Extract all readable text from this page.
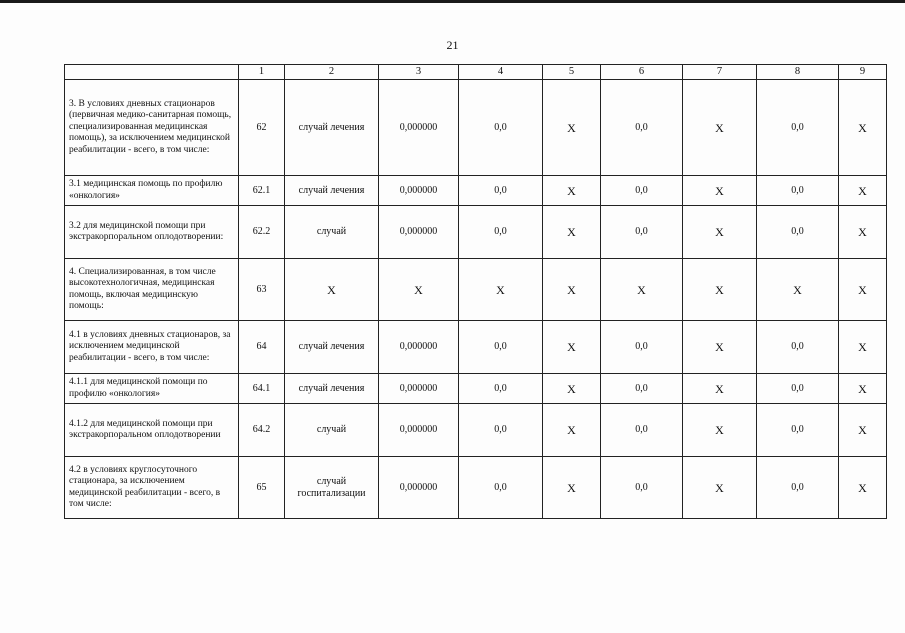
21
	1	2	3	4	5	6	7	8	9
3. В условиях дневных стационаров (первичная медико-санитарная помощь, специализированная медицинская помощь), за исключением медицинской реабилитации - всего, в том числе:	62	случай лечения	0,000000	0,0	X	0,0	X	0,0	X
3.1 медицинская помощь по профилю «онкология»	62.1	случай лечения	0,000000	0,0	X	0,0	X	0,0	X
3.2 для медицинской помощи при экстракорпоральном оплодотворении:	62.2	случай	0,000000	0,0	X	0,0	X	0,0	X
4. Специализированная, в том числе высокотехнологичная, медицинская помощь, включая медицинскую помощь:	63	X	X	X	X	X	X	X	X
4.1 в условиях дневных стационаров, за исключением медицинской реабилитации - всего, в том числе:	64	случай лечения	0,000000	0,0	X	0,0	X	0,0	X
4.1.1 для медицинской помощи по профилю «онкология»	64.1	случай лечения	0,000000	0,0	X	0,0	X	0,0	X
4.1.2 для медицинской помощи при экстракорпоральном оплодотворении	64.2	случай	0,000000	0,0	X	0,0	X	0,0	X
4.2 в условиях круглосуточного стационара, за исключением медицинской реабилитации - всего, в том числе:	65	случай госпитализации	0,000000	0,0	X	0,0	X	0,0	X
